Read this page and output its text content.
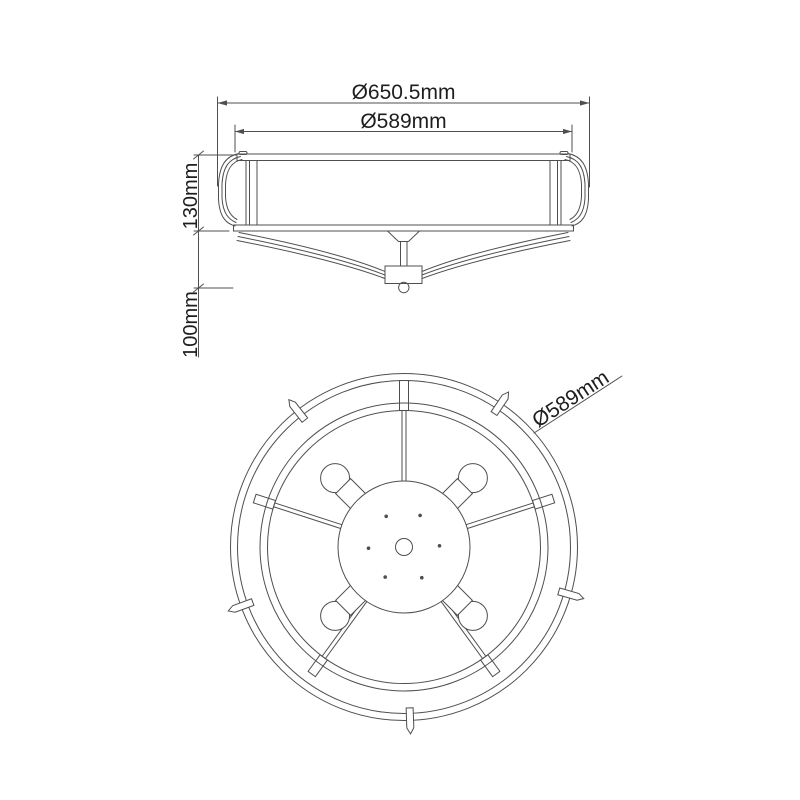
Ø650.5mm
Ø589mm
130mm
100mm
Ø589mm
